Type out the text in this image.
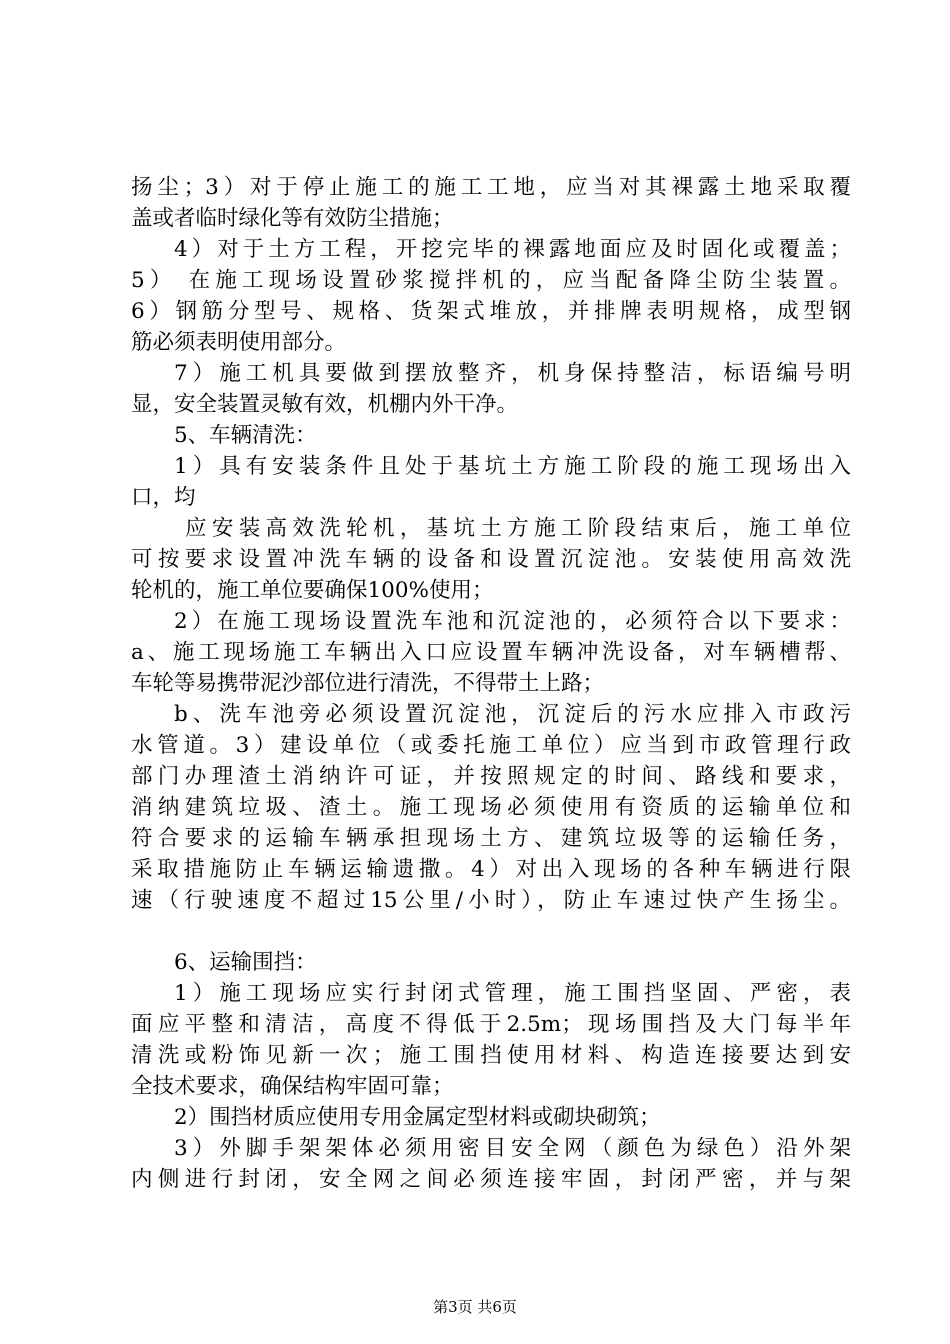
扬尘；3）对于停止施工的施工工地，应当对其裸露土地采取覆
盖或者临时绿化等有效防尘措施；
4）对于土方工程，开挖完毕的裸露地面应及时固化或覆盖；
5） 在施工现场设置砂浆搅拌机的，应当配备降尘防尘装置。
6）钢筋分型号、规格、货架式堆放，并排牌表明规格，成型钢
筋必须表明使用部分。
7）施工机具要做到摆放整齐，机身保持整洁，标语编号明
显，安全装置灵敏有效，机棚内外干净。
5、车辆清洗：
1）具有安装条件且处于基坑土方施工阶段的施工现场出入
口，均
应安装高效洗轮机，基坑土方施工阶段结束后，施工单位
可按要求设置冲洗车辆的设备和设置沉淀池。安装使用高效洗
轮机的，施工单位要确保100%使用；
2）在施工现场设置洗车池和沉淀池的，必须符合以下要求：
a、施工现场施工车辆出入口应设置车辆冲洗设备，对车辆槽帮、
车轮等易携带泥沙部位进行清洗，不得带土上路；
b、洗车池旁必须设置沉淀池，沉淀后的污水应排入市政污
水管道。3）建设单位（或委托施工单位）应当到市政管理行政
部门办理渣土消纳许可证，并按照规定的时间、路线和要求，
消纳建筑垃圾、渣土。施工现场必须使用有资质的运输单位和
符合要求的运输车辆承担现场土方、建筑垃圾等的运输任务，
采取措施防止车辆运输遗撒。4）对出入现场的各种车辆进行限
速（行驶速度不超过15公里/小时），防止车速过快产生扬尘。
6、运输围挡：
1）施工现场应实行封闭式管理，施工围挡坚固、严密，表
面应平整和清洁，高度不得低于2.5m；现场围挡及大门每半年
清洗或粉饰见新一次；施工围挡使用材料、构造连接要达到安
全技术要求，确保结构牢固可靠；
2）围挡材质应使用专用金属定型材料或砌块砌筑；
3）外脚手架架体必须用密目安全网（颜色为绿色）沿外架
内侧进行封闭，安全网之间必须连接牢固，封闭严密，并与架
第3页 共6页
